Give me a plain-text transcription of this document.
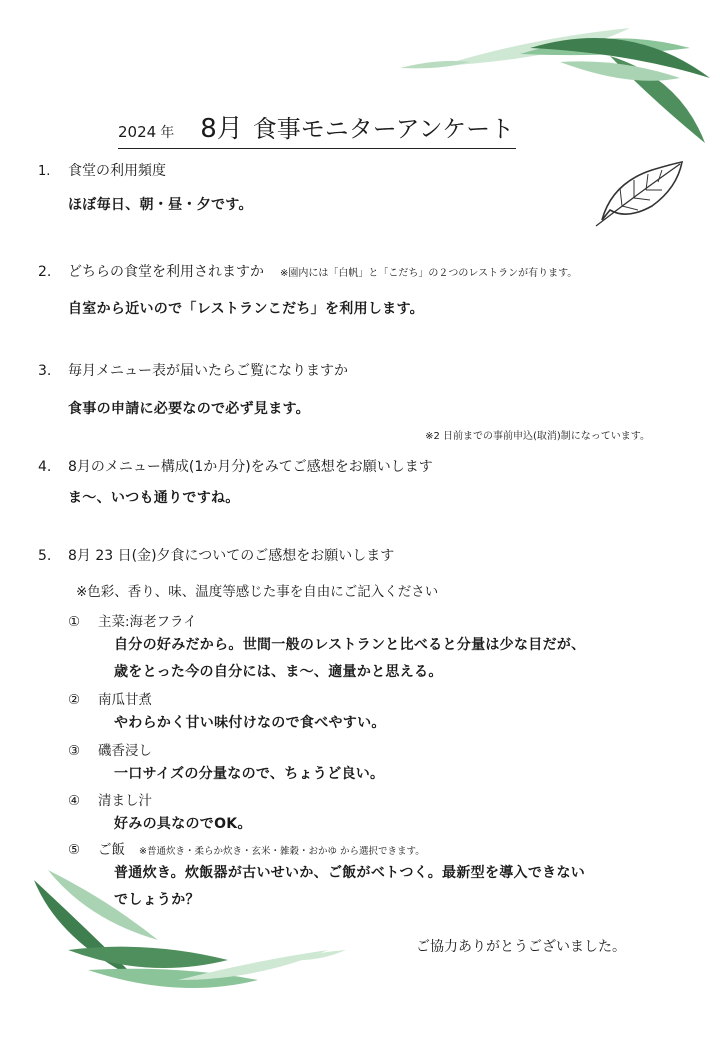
2024 年 8月 食事モニターアンケート
1. 食堂の利用頻度
ほぼ毎日、朝・昼・夕です。
2. どちらの食堂を利用されますか ※園内には「白帆」と「こだち」の２つのレストランが有ります。
自室から近いので「レストランこだち」を利用します。
3. 毎月メニュー表が届いたらご覧になりますか
食事の申請に必要なので必ず見ます。
※2 日前までの事前申込(取消)制になっています。
4. 8月のメニュー構成(1か月分)をみてご感想をお願いします
ま～、いつも通りですね。
5. 8月 23 日(金)夕食についてのご感想をお願いします
※色彩、香り、味、温度等感じた事を自由にご記入ください
① 主菜:海老フライ
自分の好みだから。世間一般のレストランと比べると分量は少な目だが、
歳をとった今の自分には、ま～、適量かと思える。
② 南瓜甘煮
やわらかく甘い味付けなので食べやすい。
③ 磯香浸し
一口サイズの分量なので、ちょうど良い。
④ 清まし汁
好みの具なのでOK。
⑤ ご飯 ※普通炊き・柔らか炊き・玄米・雑穀・おかゆ から選択できます。
普通炊き。炊飯器が古いせいか、ご飯がベトつく。最新型を導入できない
でしょうか？
ご協力ありがとうございました。
